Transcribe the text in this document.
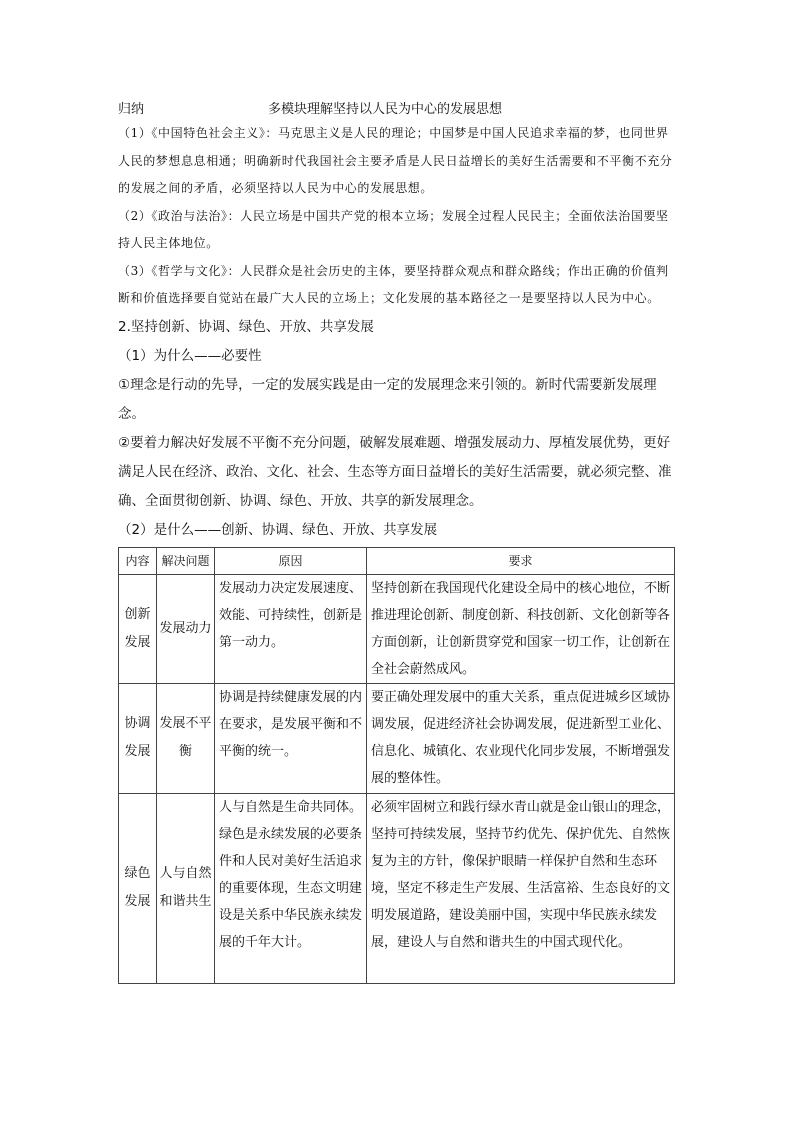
归纳	多模块理解坚持以人民为中心的发展思想

（1）《中国特色社会主义》：马克思主义是人民的理论；中国梦是中国人民追求幸福的梦，也同世界人民的梦想息息相通；明确新时代我国社会主要矛盾是人民日益增长的美好生活需要和不平衡不充分的发展之间的矛盾，必须坚持以人民为中心的发展思想。

（2）《政治与法治》：人民立场是中国共产党的根本立场；发展全过程人民民主；全面依法治国要坚持人民主体地位。

（3）《哲学与文化》：人民群众是社会历史的主体，要坚持群众观点和群众路线；作出正确的价值判断和价值选择要自觉站在最广大人民的立场上；文化发展的基本路径之一是要坚持以人民为中心。

2.坚持创新、协调、绿色、开放、共享发展

（1）为什么——必要性

①理念是行动的先导，一定的发展实践是由一定的发展理念来引领的。新时代需要新发展理念。

②要着力解决好发展不平衡不充分问题，破解发展难题、增强发展动力、厚植发展优势，更好满足人民在经济、政治、文化、社会、生态等方面日益增长的美好生活需要，就必须完整、准确、全面贯彻创新、协调、绿色、开放、共享的新发展理念。

（2）是什么——创新、协调、绿色、开放、共享发展

内容	解决问题	原因	要求
创新发展	发展动力	发展动力决定发展速度、效能、可持续性，创新是第一动力。	坚持创新在我国现代化建设全局中的核心地位，不断推进理论创新、制度创新、科技创新、文化创新等各方面创新，让创新贯穿党和国家一切工作，让创新在全社会蔚然成风。
协调发展	发展不平衡	协调是持续健康发展的内在要求，是发展平衡和不平衡的统一。	要正确处理发展中的重大关系，重点促进城乡区域协调发展，促进经济社会协调发展，促进新型工业化、信息化、城镇化、农业现代化同步发展，不断增强发展的整体性。
绿色发展	人与自然和谐共生	人与自然是生命共同体。绿色是永续发展的必要条件和人民对美好生活追求的重要体现，生态文明建设是关系中华民族永续发展的千年大计。	必须牢固树立和践行绿水青山就是金山银山的理念，坚持可持续发展，坚持节约优先、保护优先、自然恢复为主的方针，像保护眼睛一样保护自然和生态环境，坚定不移走生产发展、生活富裕、生态良好的文明发展道路，建设美丽中国，实现中华民族永续发展，建设人与自然和谐共生的中国式现代化。
